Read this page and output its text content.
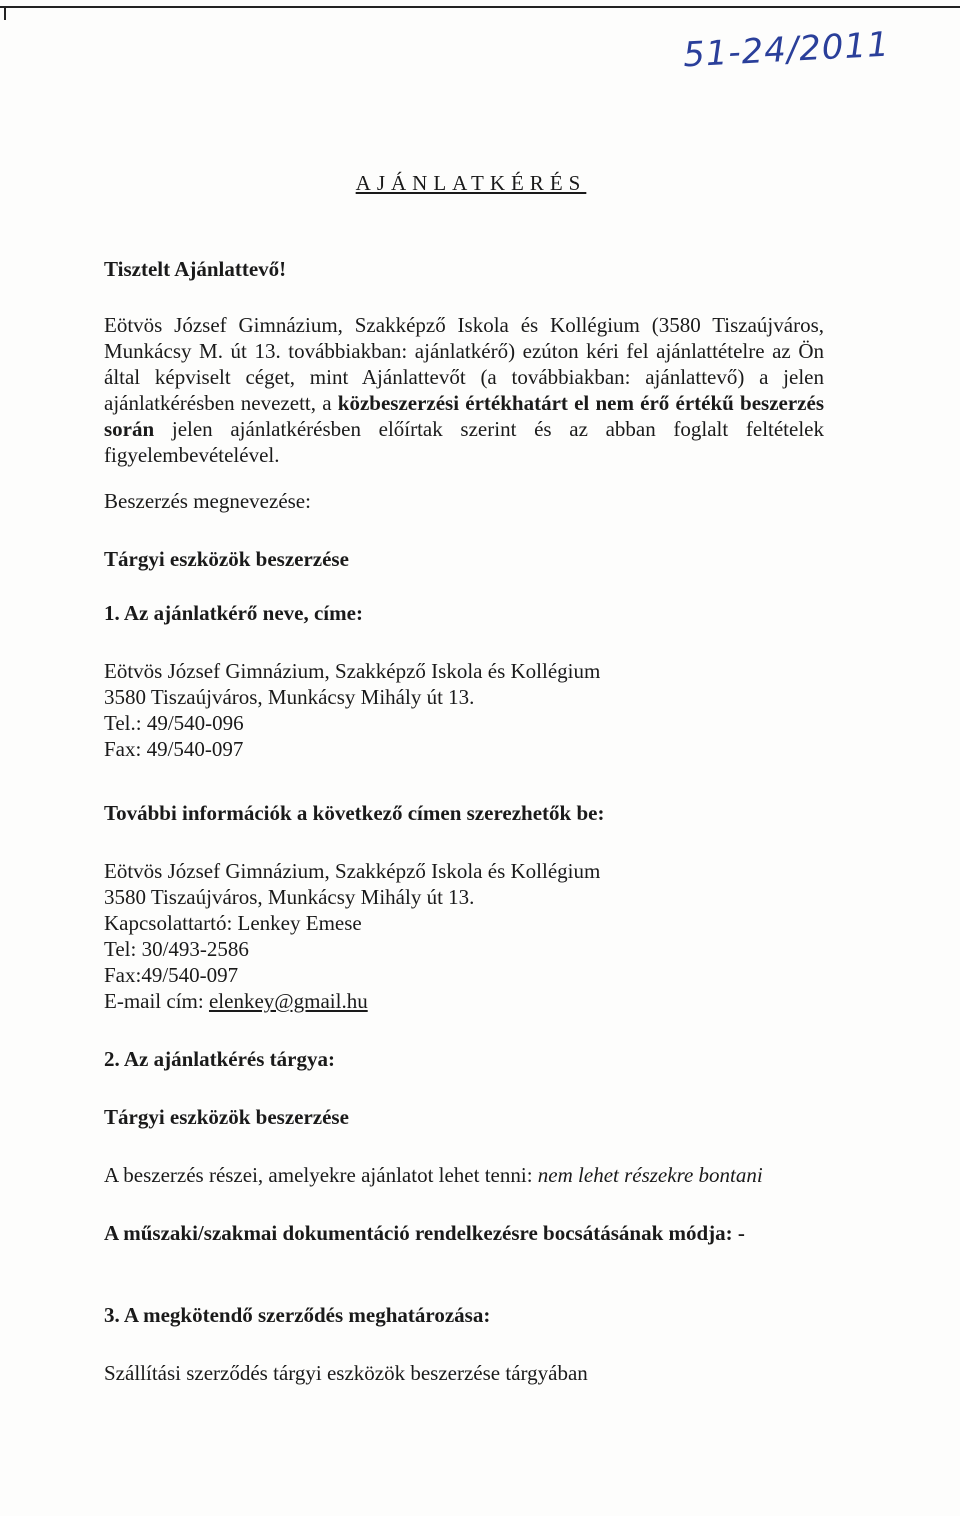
51-24/2011
AJÁNLATKÉRÉS

Tisztelt Ajánlattevő!

Eötvös József Gimnázium, Szakképző Iskola és Kollégium (3580 Tiszaújváros, Munkácsy M. út 13. továbbiakban: ajánlatkérő) ezúton kéri fel ajánlattételre az Ön által képviselt céget, mint Ajánlattevőt (a továbbiakban: ajánlattevő) a jelen ajánlatkérésben nevezett, a közbeszerzési értékhatárt el nem érő értékű beszerzés során jelen ajánlatkérésben előírtak szerint és az abban foglalt feltételek figyelembevételével.

Beszerzés megnevezése:

Tárgyi eszközök beszerzése

1. Az ajánlatkérő neve, címe:

Eötvös József Gimnázium, Szakképző Iskola és Kollégium

3580 Tiszaújváros, Munkácsy Mihály út 13.

Tel.: 49/540-096

Fax: 49/540-097

További információk a következő címen szerezhetők be:

Eötvös József Gimnázium, Szakképző Iskola és Kollégium

3580 Tiszaújváros, Munkácsy Mihály út 13.

Kapcsolattartó: Lenkey Emese

Tel: 30/493-2586

Fax:49/540-097

E-mail cím: elenkey@gmail.hu

2. Az ajánlatkérés tárgya:

Tárgyi eszközök beszerzése

A beszerzés részei, amelyekre ajánlatot lehet tenni: nem lehet részekre bontani

A műszaki/szakmai dokumentáció rendelkezésre bocsátásának módja: -

3. A megkötendő szerződés meghatározása:

Szállítási szerződés tárgyi eszközök beszerzése tárgyában
